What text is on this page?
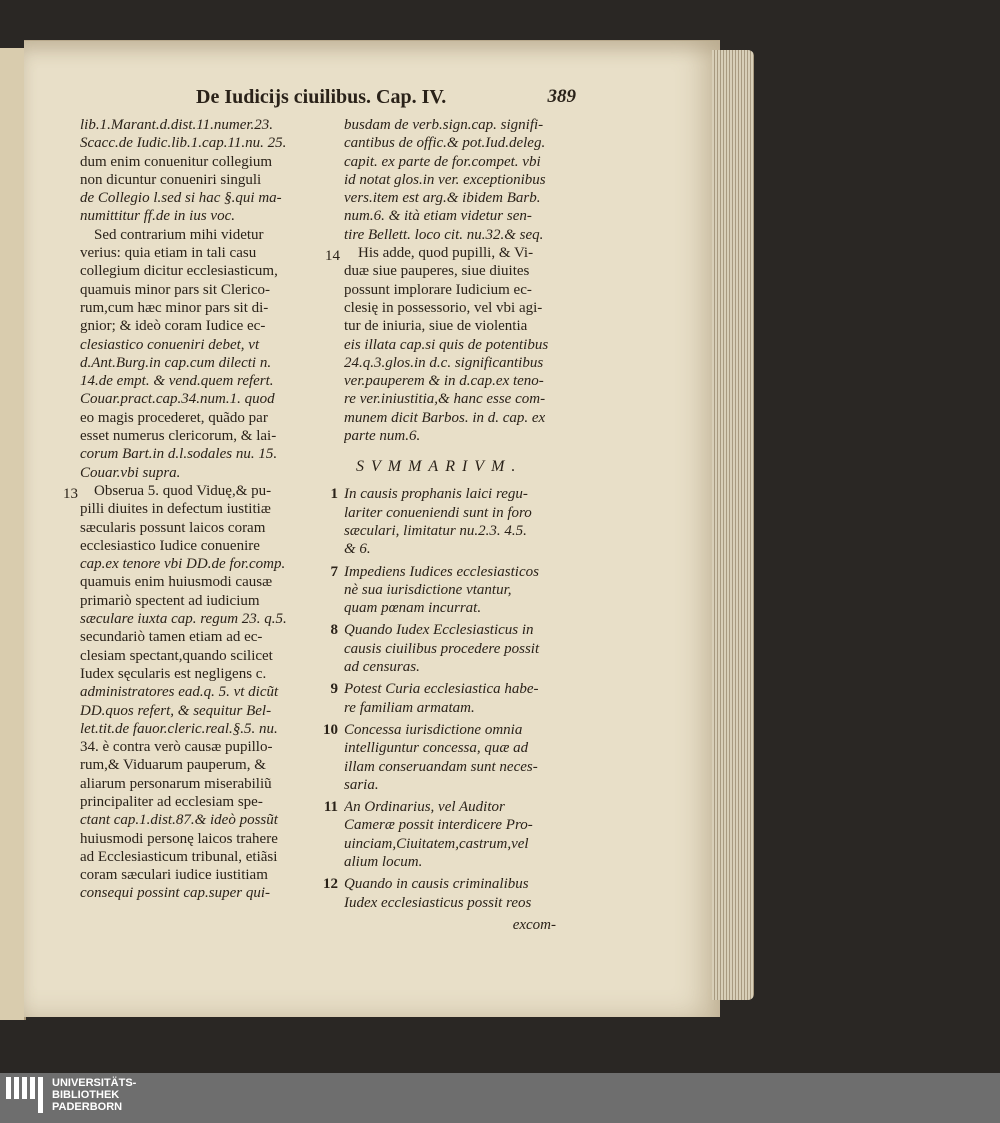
De Iudicijs ciuilibus. Cap. IV.	389
lib.1.Marant.d.dist.11.numer.23.
Scacc.de Iudic.lib.1.cap.11.nu. 25.
dum enim conuenitur collegium
non dicuntur conueniri singuli
de Collegio l.sed si hac §.qui ma-
numittitur ff.de in ius voc.
Sed contrarium mihi videtur
verius: quia etiam in tali casu
collegium dicitur ecclesiasticum,
quamuis minor pars sit Clerico-
rum,cum hæc minor pars sit di-
gnior; & ideò coram Iudice ec-
clesiastico conueniri debet, vt
d.Ant.Burg.in cap.cum dilecti n.
14.de empt. & vend.quem refert.
Couar.pract.cap.34.num.1. quod
eo magis procederet, quãdo par
esset numerus clericorum, & lai-
corum Bart.in d.l.sodales nu. 15.
Couar.vbi supra.
Obserua 5. quod Viduę,& pu-
pilli diuites in defectum iustitiæ
sæcularis possunt laicos coram
ecclesiastico Iudice conuenire
cap.ex tenore vbi DD.de for.comp.
quamuis enim huiusmodi causæ
primariò spectent ad iudicium
sæculare iuxta cap. regum 23. q.5.
secundariò tamen etiam ad ec-
clesiam spectant,quando scilicet
Iudex sęcularis est negligens c.
administratores ead.q. 5. vt dicũt
DD.quos refert, & sequitur Bel-
let.tit.de fauor.cleric.real.§.5. nu.
34. è contra verò causæ pupillo-
rum,& Viduarum pauperum, &
aliarum personarum miserabiliũ
principaliter ad ecclesiam spe-
ctant cap.1.dist.87.& ideò possũt
huiusmodi personę laicos trahere
ad Ecclesiasticum tribunal, etiãsi
coram sæculari iudice iustitiam
consequi possint cap.super qui-
busdam de verb.sign.cap. signifi-
cantibus de offic.& pot.Iud.deleg.
capit. ex parte de for.compet. vbi
id notat glos.in ver. exceptionibus
vers.item est arg.& ibidem Barb.
num.6. & ità etiam videtur sen-
tire Bellett. loco cit. nu.32.& seq.
His adde, quod pupilli, & Vi-
duæ siue pauperes, siue diuites
possunt implorare Iudicium ec-
clesię in possessorio, vel vbi agi-
tur de iniuria, siue de violentia
eis illata cap.si quis de potentibus
24.q.3.glos.in d.c. significantibus
ver.pauperem & in d.cap.ex teno-
re ver.iniustitia,& hanc esse com-
munem dicit Barbos. in d. cap. ex
parte num.6.
SVMMARIVM.
1 In causis prophanis laici regu-
lariter conueniendi sunt in foro
sæculari, limitatur nu.2.3. 4.5.
& 6.
7 Impediens Iudices ecclesiasticos
nè sua iurisdictione vtantur,
quam pœnam incurrat.
8 Quando Iudex Ecclesiasticus in
causis ciuilibus procedere possit
ad censuras.
9 Potest Curia ecclesiastica habe-
re familiam armatam.
10 Concessa iurisdictione omnia
intelliguntur concessa, quæ ad
illam conseruandam sunt neces-
saria.
11 An Ordinarius, vel Auditor
Cameræ possit interdicere Pro-
uinciam,Ciuitatem,castrum,vel
alium locum.
12 Quando in causis criminalibus
Iudex ecclesiasticus possit reos
excom-
13
14
UNIVERSITÄTS-
BIBLIOTHEK
PADERBORN
